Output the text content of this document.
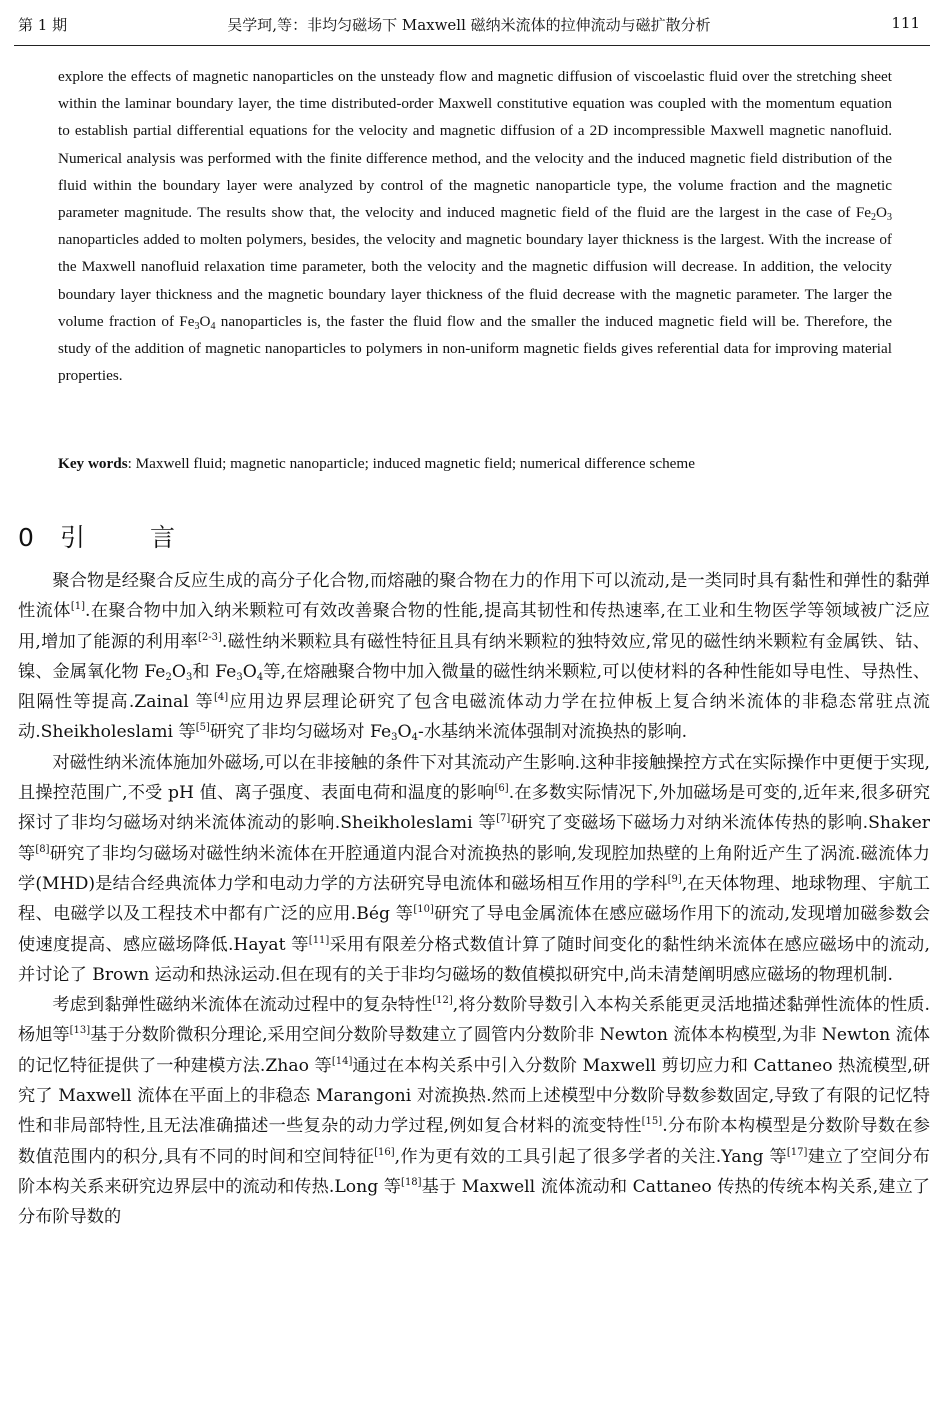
第 1 期	吴学珂,等：非均匀磁场下 Maxwell 磁纳米流体的拉伸流动与磁扩散分析	111

explore the effects of magnetic nanoparticles on the unsteady flow and magnetic diffusion of viscoelastic fluid over the stretching sheet within the laminar boundary layer, the time distributed-order Maxwell constitutive equation was coupled with the momentum equation to establish partial differential equations for the velocity and magnetic diffusion of a 2D incompressible Maxwell magnetic nanofluid. Numerical analysis was performed with the finite difference method, and the velocity and the induced magnetic field distribution of the fluid within the boundary layer were analyzed by control of the magnetic nanoparticle type, the volume fraction and the magnetic parameter magnitude. The results show that, the velocity and induced magnetic field of the fluid are the largest in the case of $Fe_2O_3$ nanoparticles added to molten polymers, besides, the velocity and magnetic boundary layer thickness is the largest. With the increase of the Maxwell nanofluid relaxation time parameter, both the velocity and the magnetic diffusion will decrease. In addition, the velocity boundary layer thickness and the magnetic boundary layer thickness of the fluid decrease with the magnetic parameter. The larger the volume fraction of $Fe_3O_4$ nanoparticles is, the faster the fluid flow and the smaller the induced magnetic field will be. Therefore, the study of the addition of magnetic nanoparticles to polymers in non-uniform magnetic fields gives referential data for improving material properties.

Key words: Maxwell fluid; magnetic nanoparticle; induced magnetic field; numerical difference scheme
0 引	言

聚合物是经聚合反应生成的高分子化合物,而熔融的聚合物在力的作用下可以流动,是一类同时具有黏性和弹性的黏弹性流体[1].在聚合物中加入纳米颗粒可有效改善聚合物的性能,提高其韧性和传热速率,在工业和生物医学等领域被广泛应用,增加了能源的利用率[2-3].磁性纳米颗粒具有磁性特征且具有纳米颗粒的独特效应,常见的磁性纳米颗粒有金属铁、钴、镍、金属氧化物 $Fe_2O_3$和 $Fe_3O_4$等,在熔融聚合物中加入微量的磁性纳米颗粒,可以使材料的各种性能如导电性、导热性、阻隔性等提高.Zainal 等[4]应用边界层理论研究了包含电磁流体动力学在拉伸板上复合纳米流体的非稳态常驻点流动.Sheikholeslami 等[5]研究了非均匀磁场对 $Fe_3O_4-$水基纳米流体强制对流换热的影响.

对磁性纳米流体施加外磁场,可以在非接触的条件下对其流动产生影响.这种非接触操控方式在实际操作中更便于实现,且操控范围广,不受 pH 值、离子强度、表面电荷和温度的影响[6].在多数实际情况下,外加磁场是可变的,近年来,很多研究探讨了非均匀磁场对纳米流体流动的影响.Sheikholeslami 等[7]研究了变磁场下磁场力对纳米流体传热的影响.Shaker 等[8]研究了非均匀磁场对磁性纳米流体在开腔通道内混合对流换热的影响,发现腔加热壁的上角附近产生了涡流.磁流体力学(MHD)是结合经典流体力学和电动力学的方法研究导电流体和磁场相互作用的学科[9],在天体物理、地球物理、宇航工程、电磁学以及工程技术中都有广泛的应用.Bég 等[10]研究了导电金属流体在感应磁场作用下的流动,发现增加磁参数会使速度提高、感应磁场降低.Hayat 等[11]采用有限差分格式数值计算了随时间变化的黏性纳米流体在感应磁场中的流动,并讨论了 Brown 运动和热泳运动.但在现有的关于非均匀磁场的数值模拟研究中,尚未清楚阐明感应磁场的物理机制.

考虑到黏弹性磁纳米流体在流动过程中的复杂特性[12],将分数阶导数引入本构关系能更灵活地描述黏弹性流体的性质.杨旭等[13]基于分数阶微积分理论,采用空间分数阶导数建立了圆管内分数阶非 Newton 流体本构模型,为非 Newton 流体的记忆特征提供了一种建模方法.Zhao 等[14]通过在本构关系中引入分数阶 Maxwell 剪切应力和 Cattaneo 热流模型,研究了 Maxwell 流体在平面上的非稳态 Marangoni 对流换热.然而上述模型中分数阶导数参数固定,导致了有限的记忆特性和非局部特性,且无法准确描述一些复杂的动力学过程,例如复合材料的流变特性[15].分布阶本构模型是分数阶导数在参数值范围内的积分,具有不同的时间和空间特征[16],作为更有效的工具引起了很多学者的关注.Yang 等[17]建立了空间分布阶本构关系来研究边界层中的流动和传热.Long 等[18]基于 Maxwell 流体流动和 Cattaneo 传热的传统本构关系,建立了分布阶导数的
